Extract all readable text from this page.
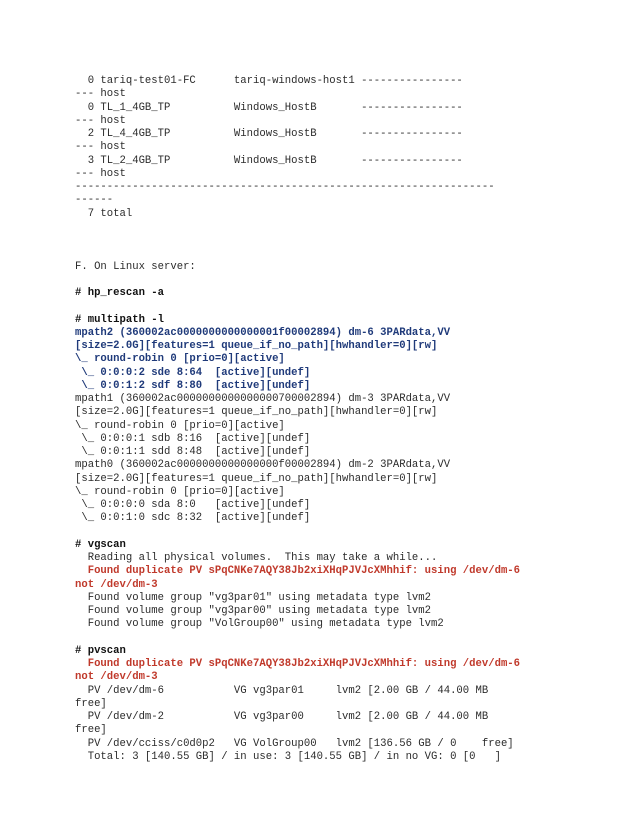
0 tariq-test01-FC      tariq-windows-host1 ----------------
--- host
0 TL_1_4GB_TP          Windows_HostB       ----------------
--- host
2 TL_4_4GB_TP          Windows_HostB       ----------------
--- host
3 TL_2_4GB_TP          Windows_HostB       ----------------
--- host
------------------------------------------------------------------
------
7 total
F. On Linux server:
# hp_rescan -a
# multipath -l
mpath2 (360002ac0000000000000001f00002894) dm-6 3PARdata,VV
[size=2.0G][features=1 queue_if_no_path][hwhandler=0][rw]
\_ round-robin 0 [prio=0][active]
\_ 0:0:0:2 sde 8:64  [active][undef]
\_ 0:0:1:2 sdf 8:80  [active][undef]
mpath1 (360002ac0000000000000000700002894) dm-3 3PARdata,VV
[size=2.0G][features=1 queue_if_no_path][hwhandler=0][rw]
\_ round-robin 0 [prio=0][active]
\_ 0:0:0:1 sdb 8:16  [active][undef]
\_ 0:0:1:1 sdd 8:48  [active][undef]
mpath0 (360002ac0000000000000000f00002894) dm-2 3PARdata,VV
[size=2.0G][features=1 queue_if_no_path][hwhandler=0][rw]
\_ round-robin 0 [prio=0][active]
\_ 0:0:0:0 sda 8:0   [active][undef]
\_ 0:0:1:0 sdc 8:32  [active][undef]
# vgscan
Reading all physical volumes.  This may take a while...
Found duplicate PV sPqCNKe7AQY38Jb2xiXHqPJVJcXMhhif: using /dev/dm-6
not /dev/dm-3
Found volume group "vg3par01" using metadata type lvm2
Found volume group "vg3par00" using metadata type lvm2
Found volume group "VolGroup00" using metadata type lvm2
# pvscan
Found duplicate PV sPqCNKe7AQY38Jb2xiXHqPJVJcXMhhif: using /dev/dm-6
not /dev/dm-3
PV /dev/dm-6           VG vg3par01     lvm2 [2.00 GB / 44.00 MB
free]
PV /dev/dm-2           VG vg3par00     lvm2 [2.00 GB / 44.00 MB
free]
PV /dev/cciss/c0d0p2   VG VolGroup00   lvm2 [136.56 GB / 0    free]
Total: 3 [140.55 GB] / in use: 3 [140.55 GB] / in no VG: 0 [0   ]
